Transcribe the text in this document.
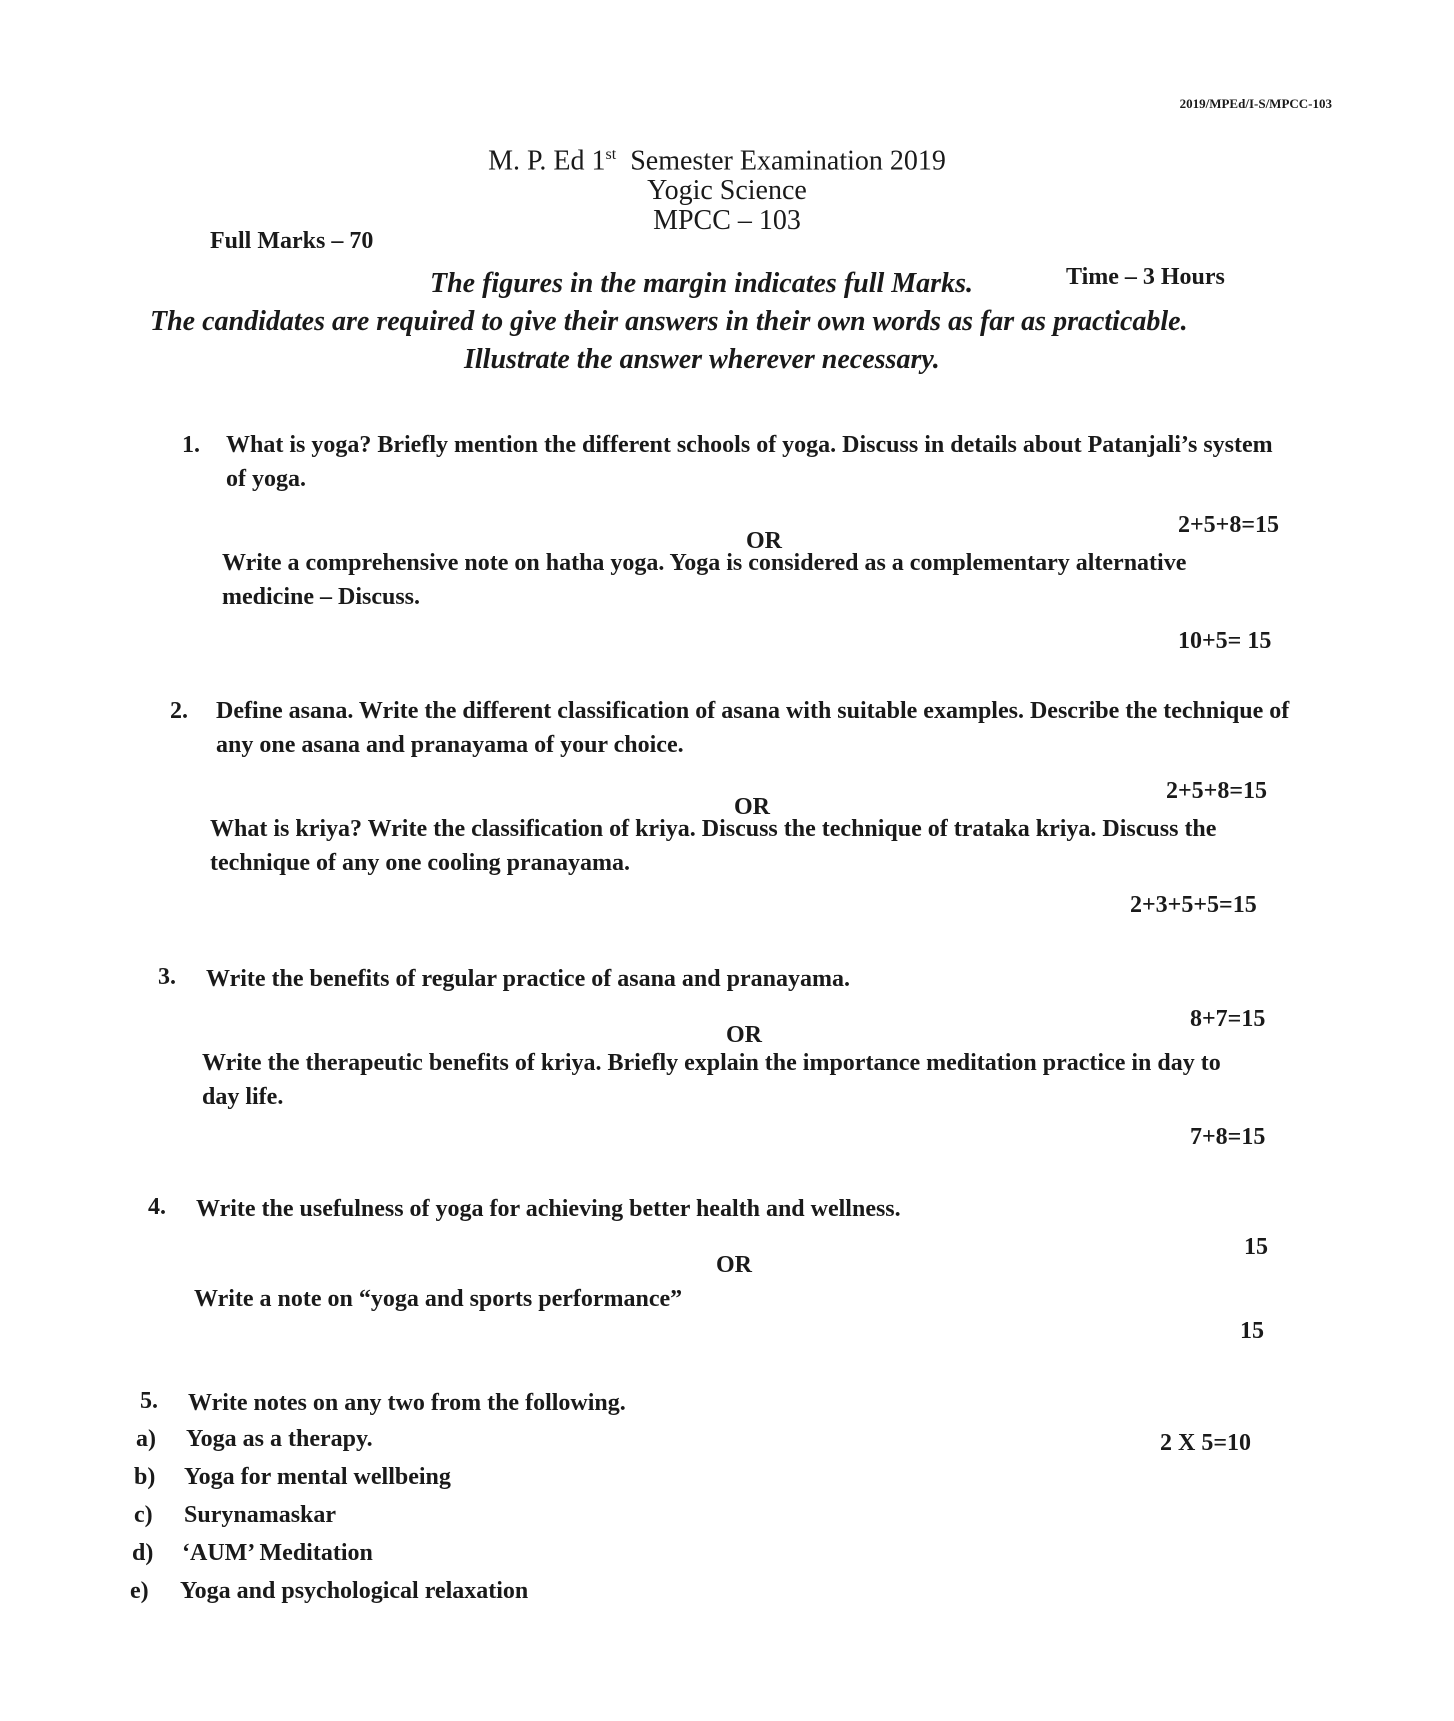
2019/MPEd/I-S/MPCC-103
M. P. Ed 1st Semester Examination 2019
Yogic Science
MPCC – 103
Full Marks – 70
Time – 3 Hours
The figures in the margin indicates full Marks.
The candidates are required to give their answers in their own words as far as practicable.
Illustrate the answer wherever necessary.
1. What is yoga? Briefly mention the different schools of yoga. Discuss in details about Patanjali’s system of yoga.
2+5+8=15
OR
Write a comprehensive note on hatha yoga. Yoga is considered as a complementary alternative medicine – Discuss.
10+5= 15
2. Define asana. Write the different classification of asana with suitable examples. Describe the technique of any one asana and pranayama of your choice.
2+5+8=15
OR
What is kriya? Write the classification of kriya. Discuss the technique of trataka kriya. Discuss the technique of any one cooling pranayama.
2+3+5+5=15
3. Write the benefits of regular practice of asana and pranayama.
8+7=15
OR
Write the therapeutic benefits of kriya. Briefly explain the importance meditation practice in day to day life.
7+8=15
4. Write the usefulness of yoga for achieving better health and wellness.
15
OR
Write a note on “yoga and sports performance”
15
5. Write notes on any two from the following.
2 X 5=10
a) Yoga as a therapy.
b) Yoga for mental wellbeing
c) Surynamaskar
d) ‘AUM’ Meditation
e) Yoga and psychological relaxation
